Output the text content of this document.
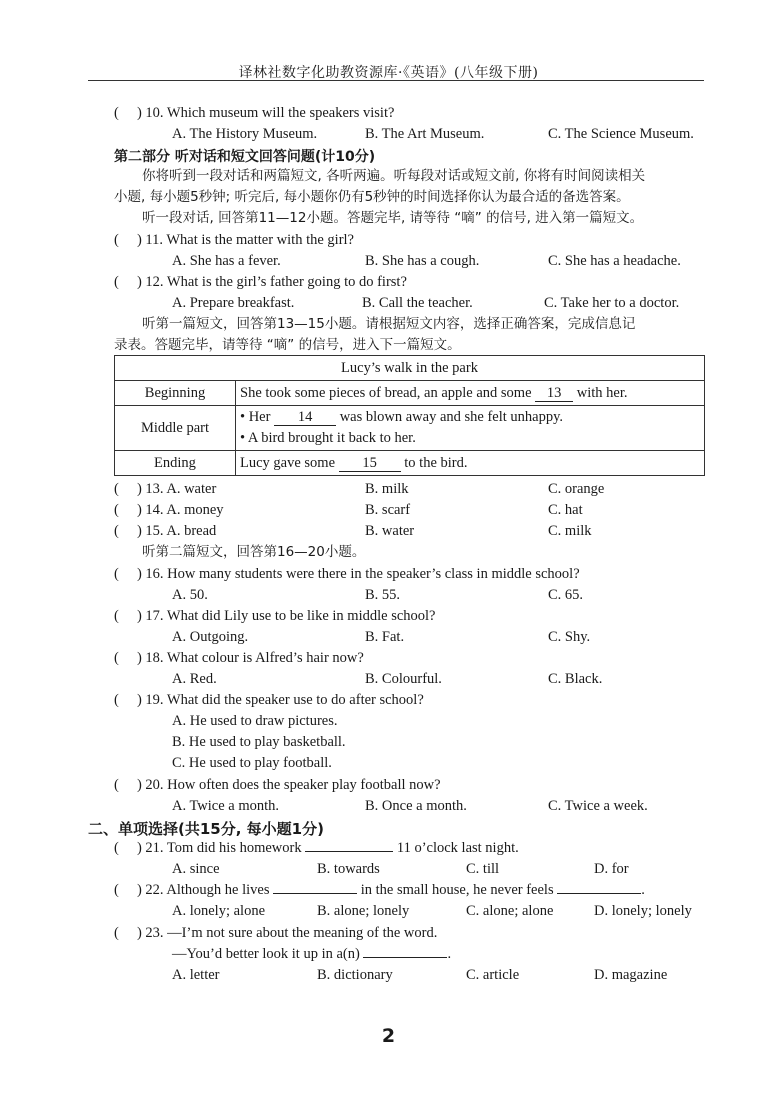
译林社数字化助教资源库·《英语》(八年级下册)
(　 ) 10. Which museum will the speakers visit?
A. The History Museum.	B. The Art Museum.	C. The Science Museum.
第二部分 听对话和短文回答问题(计10分)
你将听到一段对话和两篇短文, 各听两遍。听每段对话或短文前, 你将有时间阅读相关
小题, 每小题5秒钟; 听完后, 每小题你仍有5秒钟的时间选择你认为最合适的备选答案。
听一段对话, 回答第11—12小题。答题完毕, 请等待 “嘀” 的信号, 进入第一篇短文。
(　 ) 11. What is the matter with the girl?
A. She has a fever.	B. She has a cough.	C. She has a headache.
(　 ) 12. What is the girl’s father going to do first?
A. Prepare breakfast.	B. Call the teacher.	C. Take her to a doctor.
听第一篇短文，回答第13—15小题。请根据短文内容，选择正确答案，完成信息记
录表。答题完毕，请等待 “嘀” 的信号，进入下一篇短文。
Lucy’s walk in the park	
Beginning	She took some pieces of bread, an apple and some 13 with her.
Middle part	• Her 14 was blown away and she felt unhappy.
• A bird brought it back to her.

Ending	Lucy gave some 15 to the bird.
(　 ) 13. A. water	B. milk	C. orange
(　 ) 14. A. money	B. scarf	C. hat
(　 ) 15. A. bread	B. water	C. milk
听第二篇短文，回答第16—20小题。
(　 ) 16. How many students were there in the speaker’s class in middle school?
A. 50.	B. 55.	C. 65.
(　 ) 17. What did Lily use to be like in middle school?
A. Outgoing.	B. Fat.	C. Shy.
(　 ) 18. What colour is Alfred’s hair now?
A. Red.	B. Colourful.	C. Black.
(　 ) 19. What did the speaker use to do after school?
A. He used to draw pictures.
B. He used to play basketball.
C. He used to play football.
(　 ) 20. How often does the speaker play football now?
A. Twice a month.	B. Once a month.	C. Twice a week.
二、单项选择(共15分, 每小题1分)
(　 ) 21. Tom did his homework	11 o’clock last night.
A. since	B. towards	C. till	D. for
(　 ) 22. Although he lives	in the small house, he never feels	.
A. lonely; alone	B. alone; lonely	C. alone; alone	D. lonely; lonely
(　 ) 23. —I’m not sure about the meaning of the word.
—You’d better look it up in a(n)	.
A. letter	B. dictionary	C. article	D. magazine
2
